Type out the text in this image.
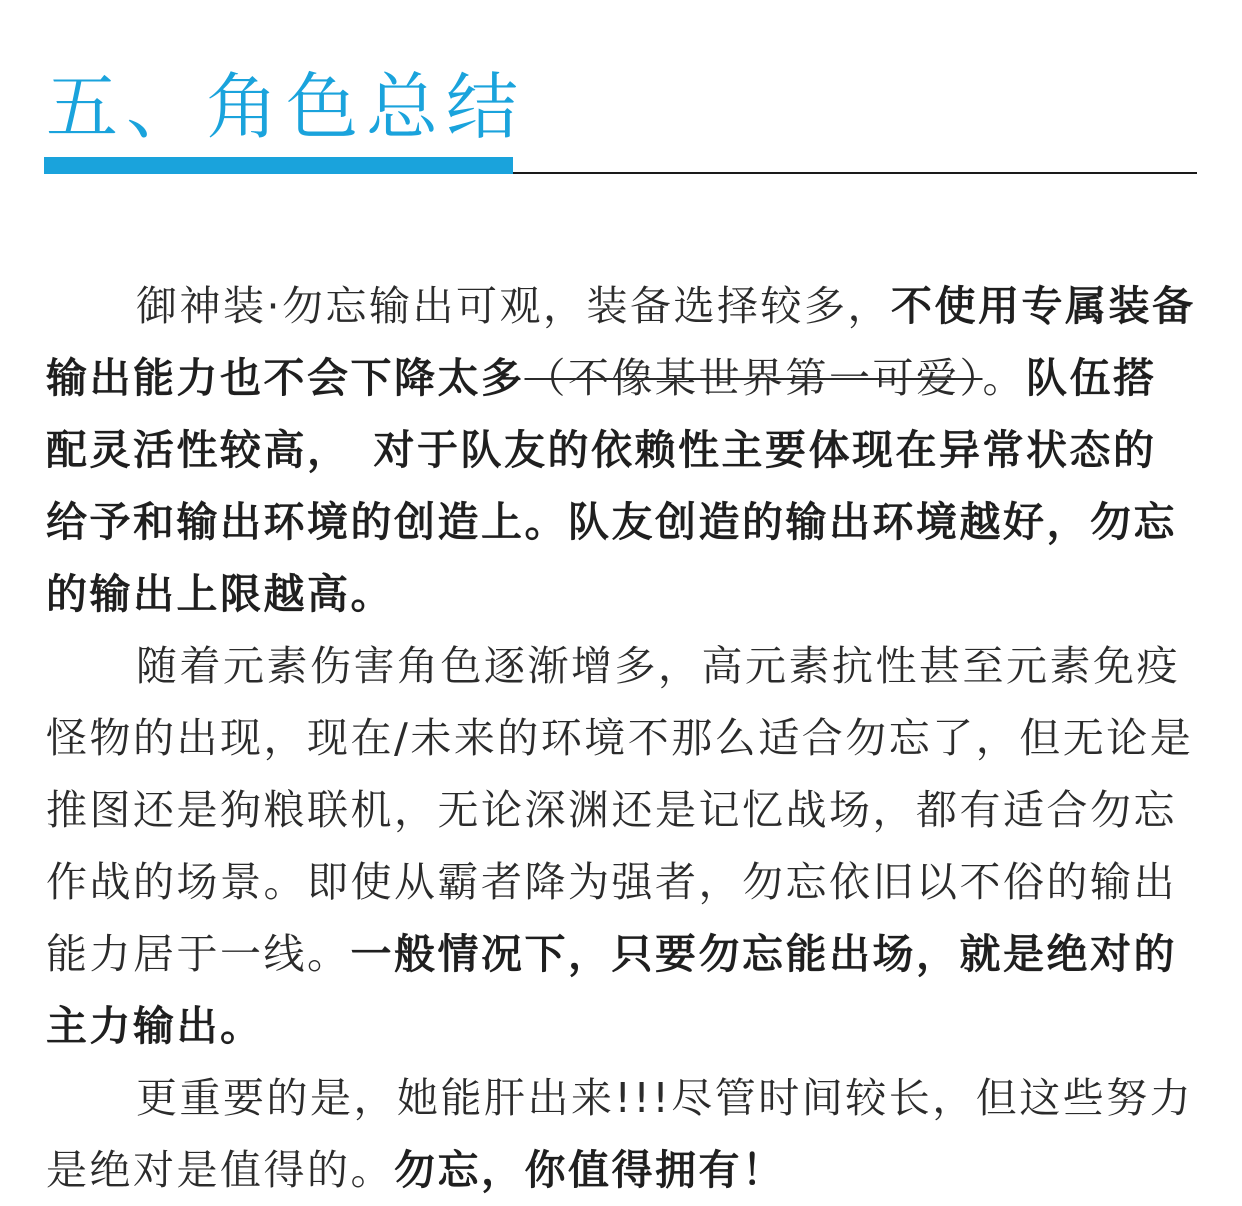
五、角色总结

御神装·勿忘输出可观，装备选择较多，不使用专属装备输出能力也不会下降太多（不像某世界第一可爱）。队伍搭配灵活性较高，　对于队友的依赖性主要体现在异常状态的给予和输出环境的创造上。队友创造的输出环境越好，勿忘的输出上限越高。

随着元素伤害角色逐渐增多，高元素抗性甚至元素免疫怪物的出现，现在/未来的环境不那么适合勿忘了，但无论是推图还是狗粮联机，无论深渊还是记忆战场，都有适合勿忘作战的场景。即使从霸者降为强者，勿忘依旧以不俗的输出能力居于一线。一般情况下，只要勿忘能出场，就是绝对的主力输出。

更重要的是，她能肝出来!!!尽管时间较长，但这些努力是绝对是值得的。勿忘，你值得拥有！
